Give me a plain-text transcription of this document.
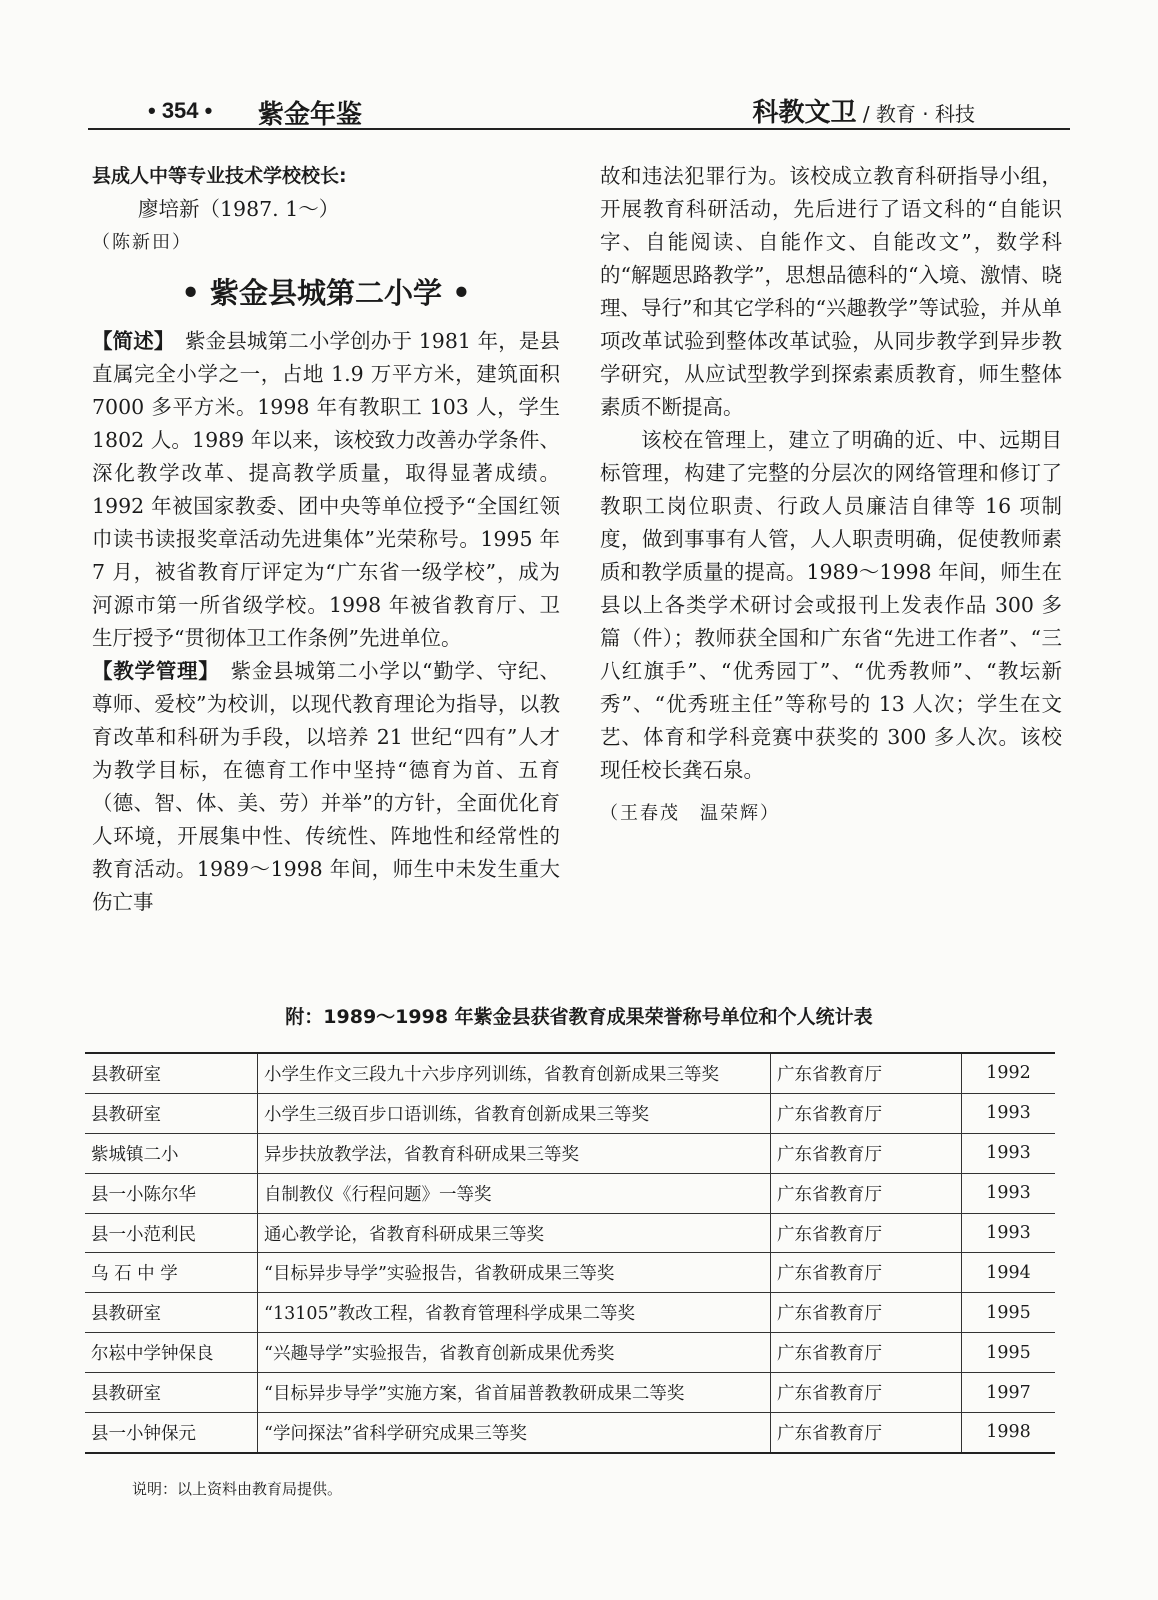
• 354 • 紫金年鉴	科教文卫 / 教育 · 科技

县成人中等专业技术学校校长:

廖培新（1987. 1～）

（陈新田）

• 紫金县城第二小学 •

【简述】　 紫金县城第二小学创办于 1981 年，是县直属完全小学之一，占地 1.9 万平方米，建筑面积 7000 多平方米。1998 年有教职工 103 人，学生 1802 人。1989 年以来，该校致力改善办学条件、深化教学改革、提高教学质量，取得显著成绩。1992 年被国家教委、团中央等单位授予“全国红领巾读书读报奖章活动先进集体”光荣称号。1995 年 7 月，被省教育厅评定为“广东省一级学校”，成为河源市第一所省级学校。1998 年被省教育厅、卫生厅授予“贯彻体卫工作条例”先进单位。

【教学管理】　 紫金县城第二小学以“勤学、守纪、尊师、爱校”为校训，以现代教育理论为指导，以教育改革和科研为手段，以培养 21 世纪“四有”人才为教学目标，在德育工作中坚持“德育为首、五育（德、智、体、美、劳）并举”的方针，全面优化育人环境，开展集中性、传统性、阵地性和经常性的教育活动。1989～1998 年间，师生中未发生重大伤亡事

故和违法犯罪行为。该校成立教育科研指导小组，开展教育科研活动，先后进行了语文科的“自能识字、自能阅读、自能作文、自能改文”，数学科的“解题思路教学”，思想品德科的“入境、激情、晓理、导行”和其它学科的“兴趣教学”等试验，并从单项改革试验到整体改革试验，从同步教学到异步教学研究，从应试型教学到探索素质教育，师生整体素质不断提高。

该校在管理上，建立了明确的近、中、远期目标管理，构建了完整的分层次的网络管理和修订了教职工岗位职责、行政人员廉洁自律等 16 项制度，做到事事有人管，人人职责明确，促使教师素质和教学质量的提高。1989～1998 年间，师生在县以上各类学术研讨会或报刊上发表作品 300 多篇（件）；教师获全国和广东省“先进工作者”、“三八红旗手”、“优秀园丁”、“优秀教师”、“教坛新秀”、“优秀班主任”等称号的 13 人次；学生在文艺、体育和学科竞赛中获奖的 300 多人次。该校现任校长龚石泉。

（王春茂　温荣辉）

附：1989～1998 年紫金县获省教育成果荣誉称号单位和个人统计表
县教研室	小学生作文三段九十六步序列训练，省教育创新成果三等奖	广东省教育厅	1992
县教研室	小学生三级百步口语训练，省教育创新成果三等奖	广东省教育厅	1993
紫城镇二小	异步扶放教学法，省教育科研成果三等奖	广东省教育厅	1993
县一小陈尔华	自制教仪《行程问题》一等奖	广东省教育厅	1993
县一小范利民	通心教学论，省教育科研成果三等奖	广东省教育厅	1993
乌 石 中 学	“目标异步导学”实验报告，省教研成果三等奖	广东省教育厅	1994
县教研室	“13105”教改工程，省教育管理科学成果二等奖	广东省教育厅	1995
尔崧中学钟保良	“兴趣导学”实验报告，省教育创新成果优秀奖	广东省教育厅	1995
县教研室	“目标异步导学”实施方案，省首届普教教研成果二等奖	广东省教育厅	1997
县一小钟保元	“学问探法”省科学研究成果三等奖	广东省教育厅	1998
说明：以上资料由教育局提供。
